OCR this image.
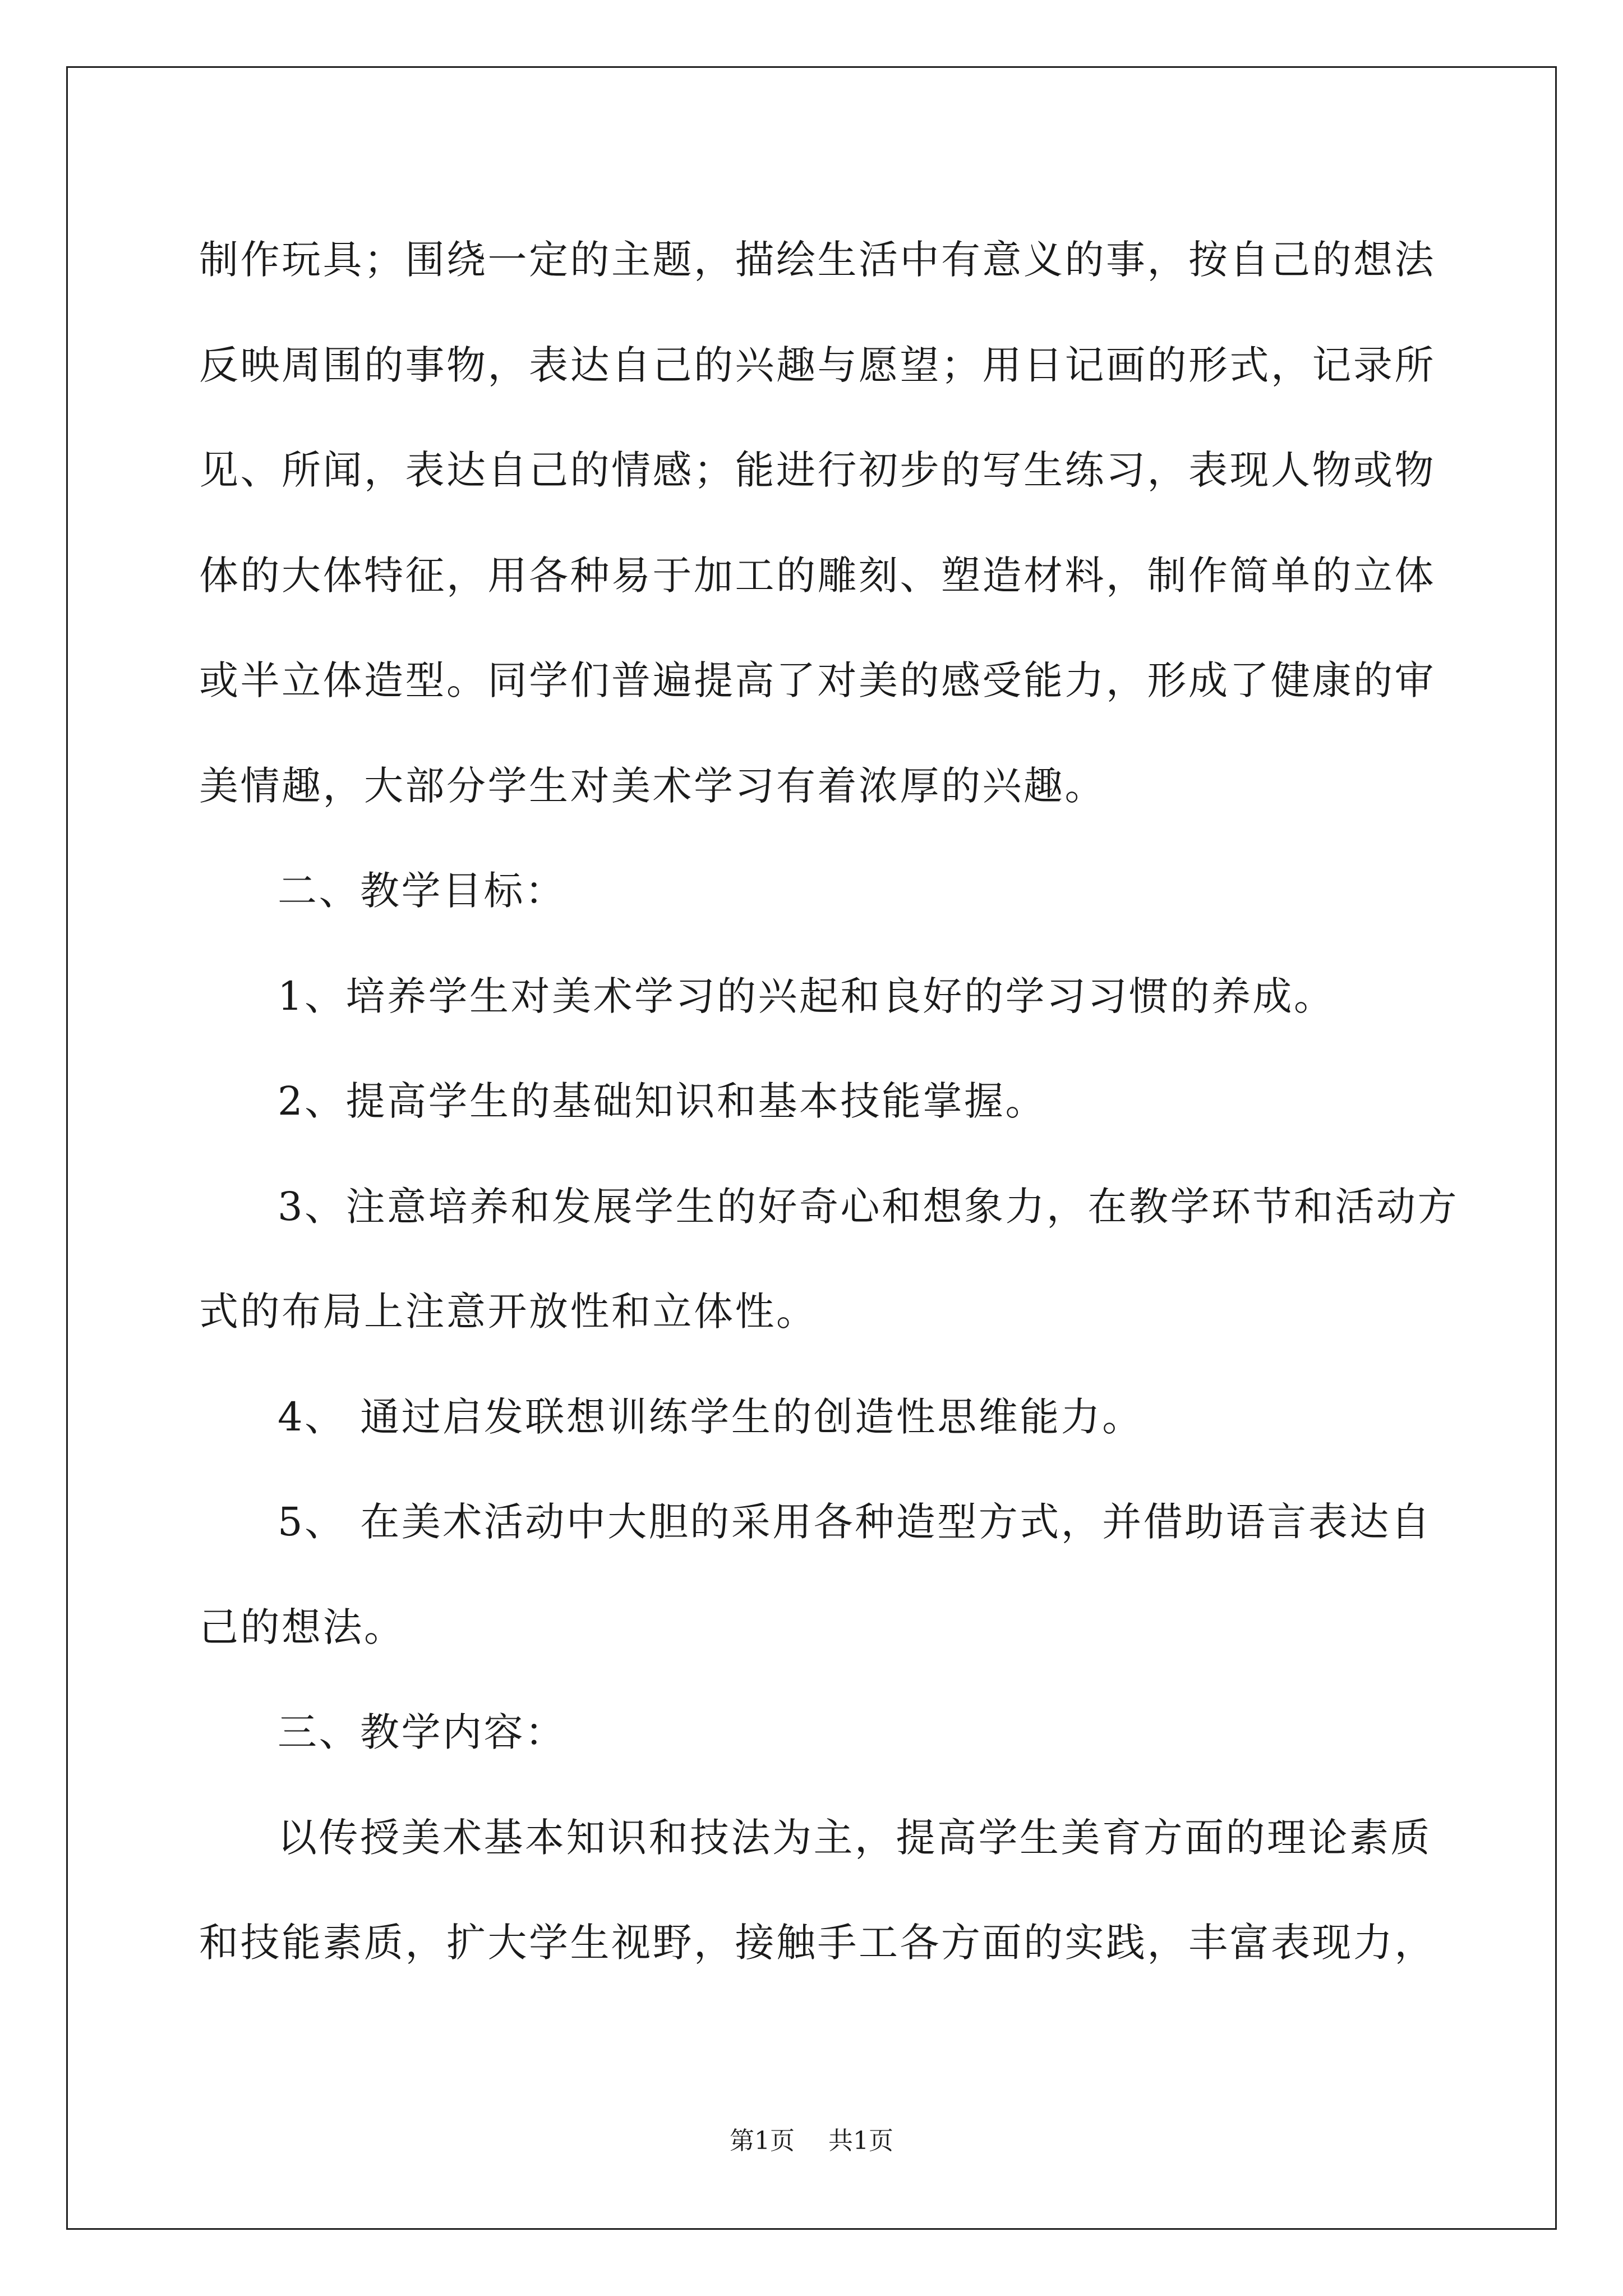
制作玩具；围绕一定的主题，描绘生活中有意义的事，按自己的想法

反映周围的事物，表达自己的兴趣与愿望；用日记画的形式，记录所

见、所闻，表达自己的情感；能进行初步的写生练习，表现人物或物

体的大体特征，用各种易于加工的雕刻、塑造材料，制作简单的立体

或半立体造型。同学们普遍提高了对美的感受能力，形成了健康的审

美情趣，大部分学生对美术学习有着浓厚的兴趣。

二、教学目标：

1、培养学生对美术学习的兴起和良好的学习习惯的养成。

2、提高学生的基础知识和基本技能掌握。

3、注意培养和发展学生的好奇心和想象力，在教学环节和活动方

式的布局上注意开放性和立体性。

4、 通过启发联想训练学生的创造性思维能力。

5、 在美术活动中大胆的采用各种造型方式，并借助语言表达自

己的想法。

三、教学内容：

以传授美术基本知识和技法为主，提高学生美育方面的理论素质

和技能素质，扩大学生视野，接触手工各方面的实践，丰富表现力，

第1页 共1页
